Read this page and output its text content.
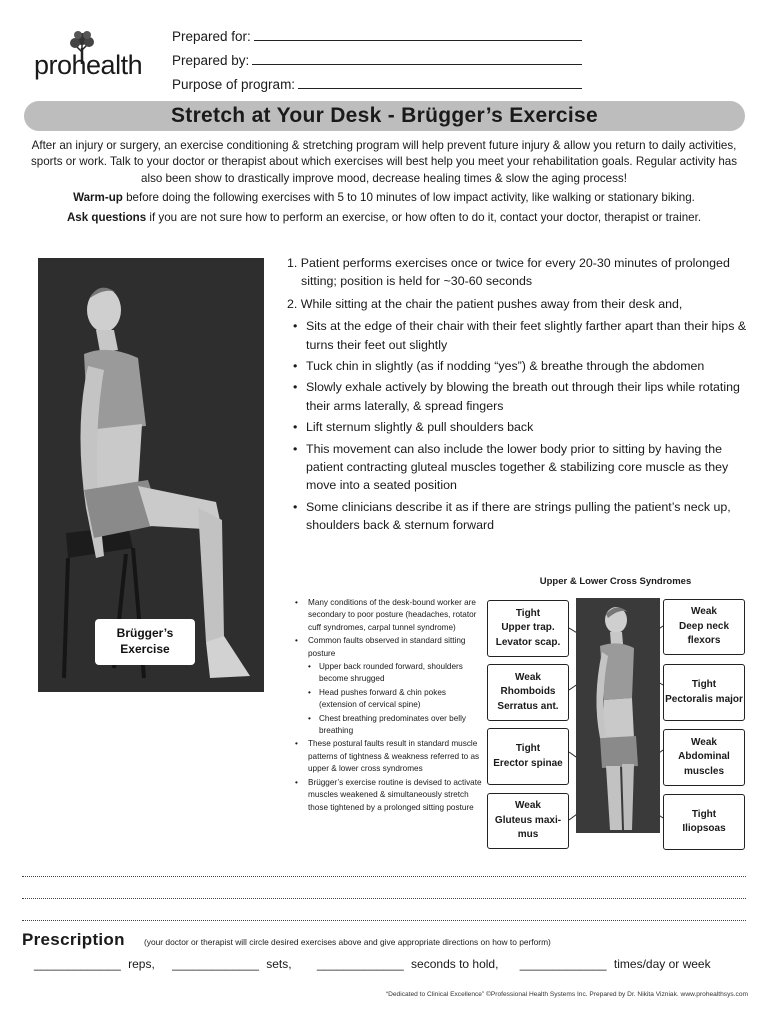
prohealth
Prepared for:
Prepared by:
Purpose of program:
Stretch at Your Desk - Brügger’s Exercise

After an injury or surgery, an exercise conditioning & stretching program will help prevent future injury & allow you return to daily activities, sports or work. Talk to your doctor or therapist about which exercises will best help you meet your rehabilitation goals. Regular activity has also been show to drastically improve mood, decrease healing times & slow the aging process!

Warm-up before doing the following exercises with 5 to 10 minutes of low impact activity, like walking or stationary biking.

Ask questions if you are not sure how to perform an exercise, or how often to do it, contact your doctor, therapist or trainer.

Brügger’s
Exercise

1. Patient performs exercises once or twice for every 20-30 minutes of prolonged sitting; position is held for ~30-60 seconds

2. While sitting at the chair the patient pushes away from their desk and,

• Sits at the edge of their chair with their feet slightly farther apart than their hips & turns their feet out slightly
• Tuck chin in slightly (as if nodding “yes”) & breathe through the abdomen
• Slowly exhale actively by blowing the breath out through their lips while rotating their arms laterally, & spread fingers
• Lift sternum slightly & pull shoulders back
• This movement can also include the lower body prior to sitting by having the patient contracting gluteal muscles together & stabilizing core muscle as they move into a seated position
• Some clinicians describe it as if there are strings pulling the patient’s neck up, shoulders back & sternum forward
• Many conditions of the desk-bound worker are secondary to poor posture (headaches, rotator cuff syndromes, carpal tunnel syndrome)
• Common faults observed in standard sitting posture
• Upper back rounded forward, shoulders become shrugged
• Head pushes forward & chin pokes (extension of cervical spine)
• Chest breathing predominates over belly breathing
• These postural faults result in standard muscle patterns of tightness & weakness referred to as upper & lower cross syndromes
• Brügger’s exercise routine is devised to activate muscles weakened & simultaneously stretch those tightened by a prolonged sitting posture
Upper & Lower Cross Syndromes
Tight
Upper trap.
Levator scap.
Weak
Rhomboids
Serratus ant.
Tight
Erector spinae
Weak
Gluteus maxi-
mus
Weak
Deep neck
flexors
Tight
Pectoralis major
Weak
Abdominal
muscles
Tight
Iliopsoas
Prescription (your doctor or therapist will circle desired exercises above and give appropriate directions on how to perform)
_____________ reps, _____________ sets, _____________ seconds to hold, _____________ times/day or week
“Dedicated to Clinical Excellence” ©Professional Health Systems Inc. Prepared by Dr. Nikita Vizniak. www.prohealthsys.com
